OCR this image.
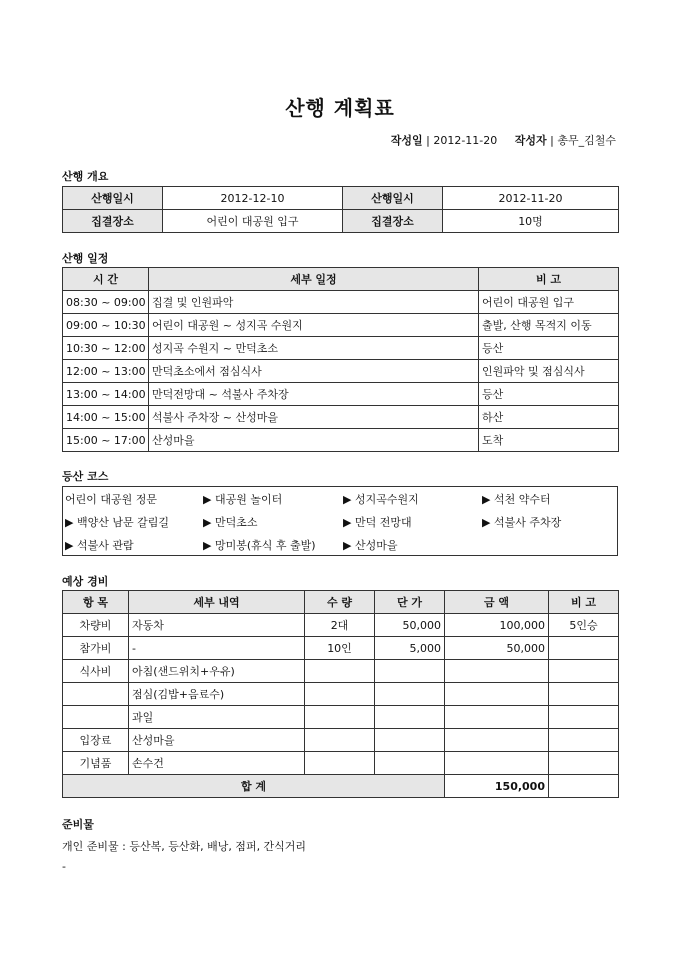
산행 계획표
작성일 | 2012-11-20 작성자 | 총무_김철수
산행 개요
산행일시	2012-12-10	산행일시	2012-11-20
집결장소	어린이 대공원 입구	집결장소	10명
산행 일정
시 간	세부 일정	비 고
08:30 ~ 09:00	집결 및 인원파악	어린이 대공원 입구
09:00 ~ 10:30	어린이 대공원 ~ 성지곡 수원지	출발, 산행 목적지 이동
10:30 ~ 12:00	성지곡 수원지 ~ 만덕초소	등산
12:00 ~ 13:00	만덕초소에서 점심식사	인원파악 및 점심식사
13:00 ~ 14:00	만덕전망대 ~ 석불사 주차장	등산
14:00 ~ 15:00	석불사 주차장 ~ 산성마을	하산
15:00 ~ 17:00	산성마을	도착
등산 코스
어린이 대공원 정문	▶ 대공원 놀이터	▶ 성지곡수원지	▶ 석천 약수터
▶ 백양산 남문 갈림길	▶ 만덕초소	▶ 만덕 전망대	▶ 석불사 주차장
▶ 석불사 관람	▶ 망미봉(휴식 후 출발) ▶ 산성마을
예상 경비
항 목	세부 내역	수 량	단 가	금 액	비 고
차량비	자동차	2대	50,000	100,000	5인승
참가비	-	10인	5,000	50,000	
식사비	아침(샌드위치+우유)				
	점심(김밥+음료수)				
	과일				
입장료	산성마을				
기념품	손수건				
합 계				150,000	
준비물
개인 준비물 : 등산복, 등산화, 배낭, 점퍼, 간식거리
-
